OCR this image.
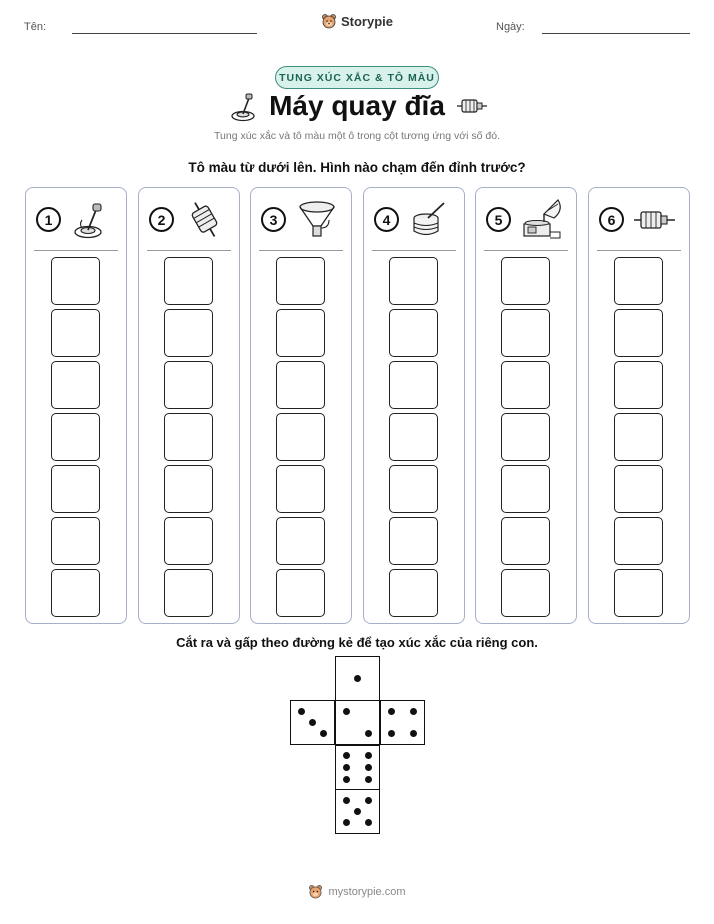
Tên:	Ngày:
Storypie
TUNG XÚC XẮC & TÔ MÀU
Máy quay đĩa
Tung xúc xắc và tô màu một ô trong cột tương ứng với số đó.
Tô màu từ dưới lên. Hình nào chạm đến đỉnh trước?
1	2	3	4	5	6
Cắt ra và gấp theo đường kẻ để tạo xúc xắc của riêng con.
mystorypie.com
